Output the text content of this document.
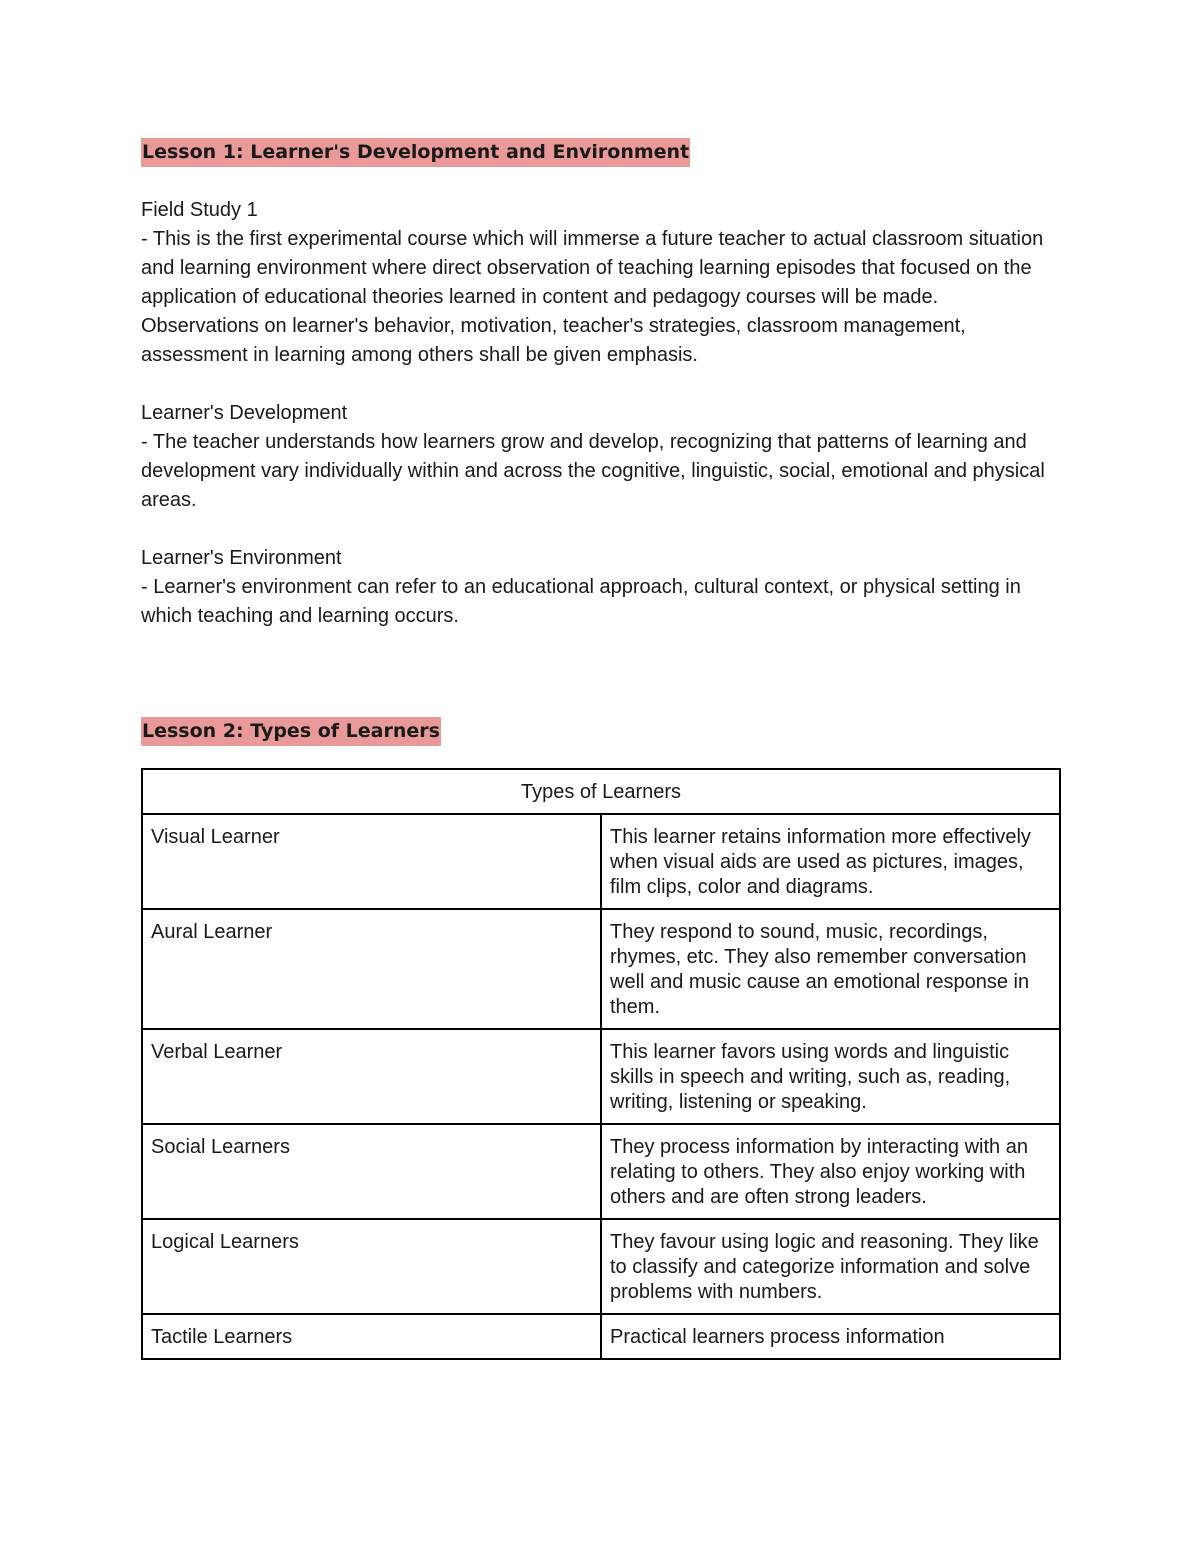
Lesson 1: Learner's Development and Environment

Field Study 1

- This is the first experimental course which will immerse a future teacher to actual classroom situation and learning environment where direct observation of teaching learning episodes that focused on the application of educational theories learned in content and pedagogy courses will be made. Observations on learner's behavior, motivation, teacher's strategies, classroom management, assessment in learning among others shall be given emphasis.

Learner's Development

- The teacher understands how learners grow and develop, recognizing that patterns of learning and development vary individually within and across the cognitive, linguistic, social, emotional and physical areas.

Learner's Environment

- Learner's environment can refer to an educational approach, cultural context, or physical setting in which teaching and learning occurs.

Lesson 2: Types of Learners
Types of Learners	
Visual Learner	This learner retains information more effectively when visual aids are used as pictures, images, film clips, color and diagrams.
Aural Learner	They respond to sound, music, recordings, rhymes, etc. They also remember conversation well and music cause an emotional response in them.
Verbal Learner	This learner favors using words and linguistic skills in speech and writing, such as, reading, writing, listening or speaking.
Social Learners	They process information by interacting with an relating to others. They also enjoy working with others and are often strong leaders.
Logical Learners	They favour using logic and reasoning. They like to classify and categorize information and solve problems with numbers.
Tactile Learners	Practical learners process information
